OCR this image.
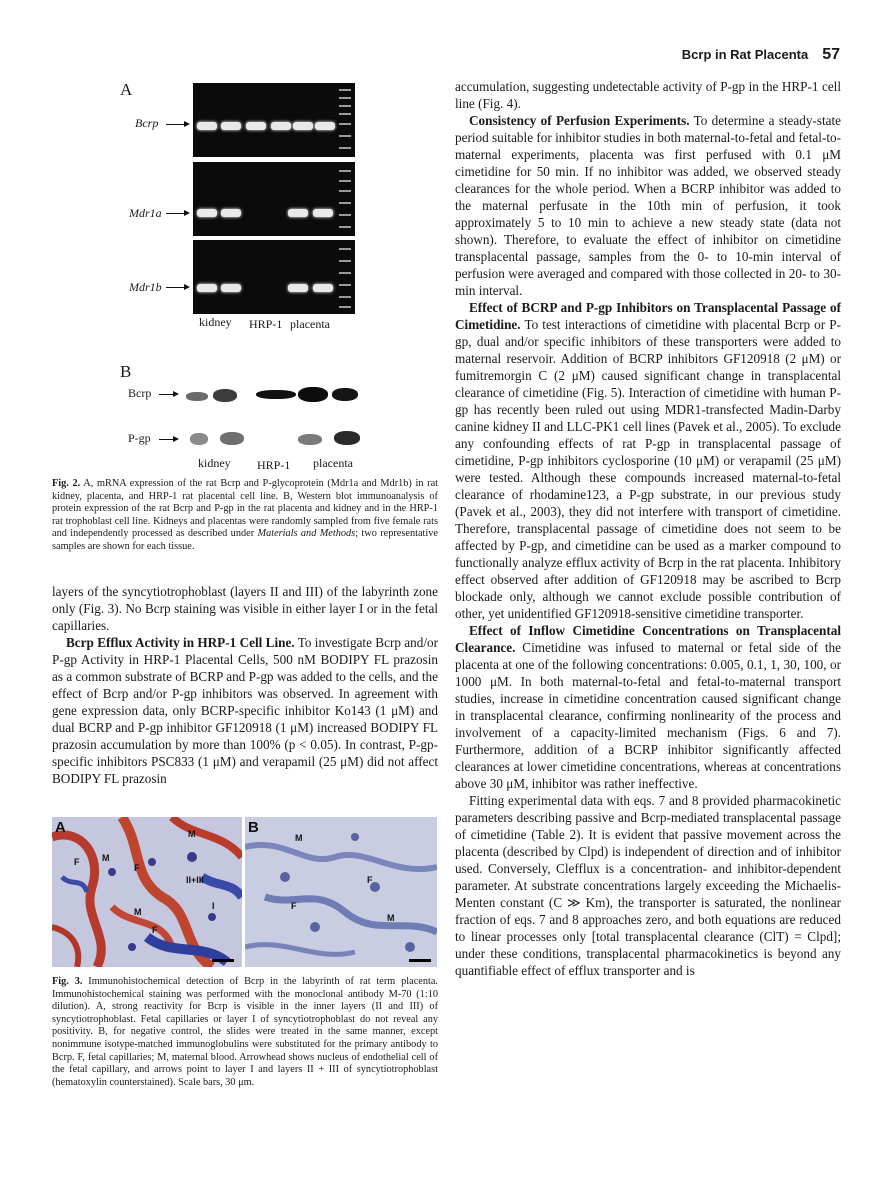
Bcrp in Rat Placenta 57
A
Bcrp
Mdr1a
Mdr1b
kidney HRP-1 placenta
B
Bcrp
P-gp
kidney HRP-1 placenta

Fig. 2. A, mRNA expression of the rat Bcrp and P-glycoprotein (Mdr1a and Mdr1b) in rat kidney, placenta, and HRP-1 rat placental cell line. B, Western blot immunoanalysis of protein expression of the rat Bcrp and P-gp in the rat placenta and kidney and in the HRP-1 rat trophoblast cell line. Kidneys and placentas were randomly sampled from five female rats and independently processed as described under Materials and Methods; two representative samples are shown for each tissue.

layers of the syncytiotrophoblast (layers II and III) of the labyrinth zone only (Fig. 3). No Bcrp staining was visible in either layer I or in the fetal capillaries.

Bcrp Efflux Activity in HRP-1 Cell Line. To investigate Bcrp and/or P-gp Activity in HRP-1 Placental Cells, 500 nM BODIPY FL prazosin as a common substrate of BCRP and P-gp was added to the cells, and the effect of Bcrp and/or P-gp inhibitors was observed. In agreement with gene expression data, only BCRP-specific inhibitor Ko143 (1 μM) and dual BCRP and P-gp inhibitor GF120918 (1 μM) increased BODIPY FL prazosin accumulation by more than 100% (p < 0.05). In contrast, P-gp-specific inhibitors PSC833 (1 μM) and verapamil (25 μM) did not affect BODIPY FL prazosin

A	M
M
F
F
M
F
II+III
I
B
M
F
F
M

Fig. 3. Immunohistochemical detection of Bcrp in the labyrinth of rat term placenta. Immunohistochemical staining was performed with the monoclonal antibody M-70 (1:10 dilution). A, strong reactivity for Bcrp is visible in the inner layers (II and III) of syncytiotrophoblast. Fetal capillaries or layer I of syncytiotrophoblast do not reveal any positivity. B, for negative control, the slides were treated in the same manner, except nonimmune isotype-matched immunoglobulins were substituted for the primary antibody to Bcrp. F, fetal capillaries; M, maternal blood. Arrowhead shows nucleus of endothelial cell of the fetal capillary, and arrows point to layer I and layers II + III of syncytiotrophoblast (hematoxylin counterstained). Scale bars, 30 μm.

accumulation, suggesting undetectable activity of P-gp in the HRP-1 cell line (Fig. 4).

Consistency of Perfusion Experiments. To determine a steady-state period suitable for inhibitor studies in both maternal-to-fetal and fetal-to-maternal experiments, placenta was first perfused with 0.1 μM cimetidine for 50 min. If no inhibitor was added, we observed steady clearances for the whole period. When a BCRP inhibitor was added to the maternal perfusate in the 10th min of perfusion, it took approximately 5 to 10 min to achieve a new steady state (data not shown). Therefore, to evaluate the effect of inhibitor on cimetidine transplacental passage, samples from the 0- to 10-min interval of perfusion were averaged and compared with those collected in 20- to 30-min interval.

Effect of BCRP and P-gp Inhibitors on Transplacental Passage of Cimetidine. To test interactions of cimetidine with placental Bcrp or P-gp, dual and/or specific inhibitors of these transporters were added to maternal reservoir. Addition of BCRP inhibitors GF120918 (2 μM) or fumitremorgin C (2 μM) caused significant change in transplacental clearance of cimetidine (Fig. 5). Interaction of cimetidine with human P-gp has recently been ruled out using MDR1-transfected Madin-Darby canine kidney II and LLC-PK1 cell lines (Pavek et al., 2005). To exclude any confounding effects of rat P-gp in transplacental passage of cimetidine, P-gp inhibitors cyclosporine (10 μM) or verapamil (25 μM) were tested. Although these compounds increased maternal-to-fetal clearance of rhodamine123, a P-gp substrate, in our previous study (Pavek et al., 2003), they did not interfere with transport of cimetidine. Therefore, transplacental passage of cimetidine does not seem to be affected by P-gp, and cimetidine can be used as a marker compound to functionally analyze efflux activity of Bcrp in the rat placenta. Inhibitory effect observed after addition of GF120918 may be ascribed to Bcrp blockade only, although we cannot exclude possible contribution of other, yet unidentified GF120918-sensitive cimetidine transporter.

Effect of Inflow Cimetidine Concentrations on Transplacental Clearance. Cimetidine was infused to maternal or fetal side of the placenta at one of the following concentrations: 0.005, 0.1, 1, 30, 100, or 1000 μM. In both maternal-to-fetal and fetal-to-maternal transport studies, increase in cimetidine concentration caused significant change in transplacental clearance, confirming nonlinearity of the process and involvement of a capacity-limited mechanism (Figs. 6 and 7). Furthermore, addition of a BCRP inhibitor significantly affected clearances at lower cimetidine concentrations, whereas at concentrations above 30 μM, inhibitor was rather ineffective.

Fitting experimental data with eqs. 7 and 8 provided pharmacokinetic parameters describing passive and Bcrp-mediated transplacental passage of cimetidine (Table 2). It is evident that passive movement across the placenta (described by Clpd) is independent of direction and of inhibitor used. Conversely, Clefflux is a concentration- and inhibitor-dependent parameter. At substrate concentrations largely exceeding the Michaelis-Menten constant (C ≫ Km), the transporter is saturated, the nonlinear fraction of eqs. 7 and 8 approaches zero, and both equations are reduced to linear processes only [total transplacental clearance (ClT) = Clpd]; under these conditions, transplacental pharmacokinetics is beyond any quantifiable effect of efflux transporter and is
